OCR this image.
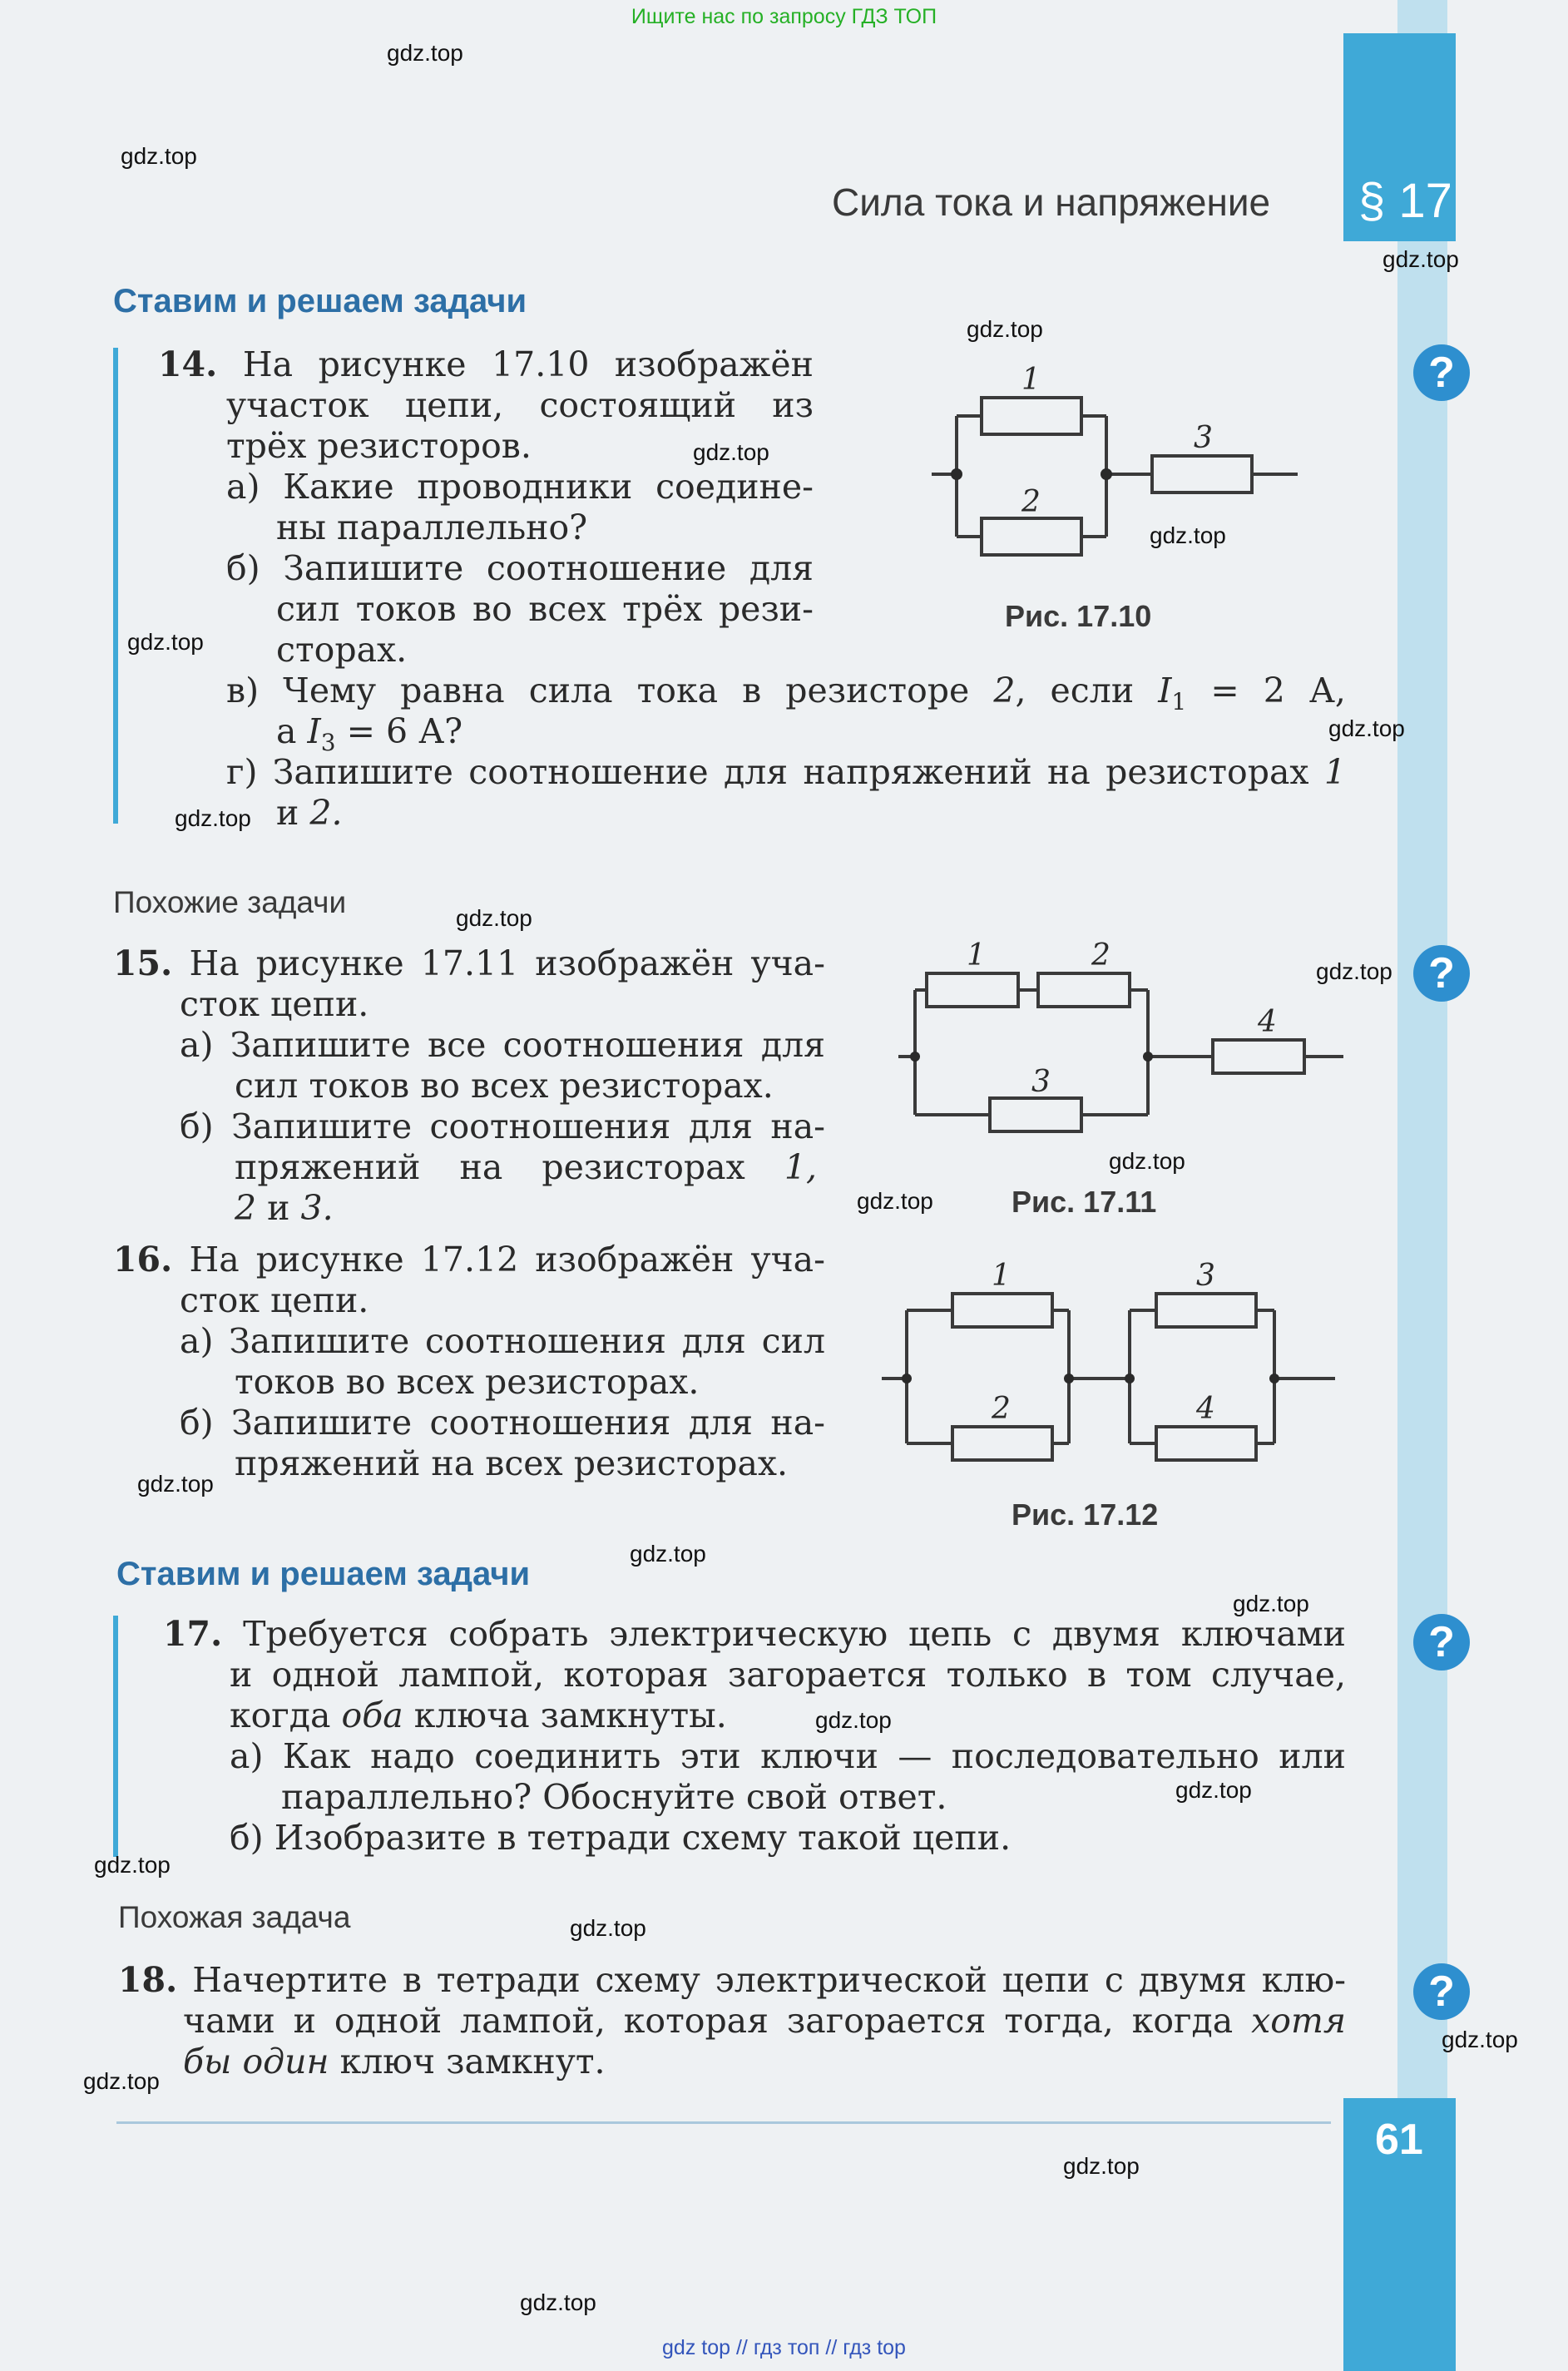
Ищите нас по запросу ГДЗ ТОП
gdz top // гдз топ // гдз top
§ 17
61
Сила тока и напряжение
?
?
?
?
Ставим и решаем задачи
14. На рисунке 17.10 изображён
участок цепи, состоящий из
трёх резисторов.
а) Какие проводники соедине-
ны параллельно?
б) Запишите соотношение для
сил токов во всех трёх рези-
сторах.
в) Чему равна сила тока в резисторе 2, если $I_1 = 2$ А,
а $I_3 = 6$ А?
г) Запишите соотношение для напряжений на резисторах 1
и 2.
1
2
3
Рис. 17.10
Похожие задачи
15. На рисунке 17.11 изображён уча-
сток цепи.
а) Запишите все соотношения для
сил токов во всех резисторах.
б) Запишите соотношения для на-
пряжений на резисторах 1,
2 и 3.
1	2
3
4
Рис. 17.11
16. На рисунке 17.12 изображён уча-
сток цепи.
а) Запишите соотношения для сил
токов во всех резисторах.
б) Запишите соотношения для на-
пряжений на всех резисторах.
1
2
3
4
Рис. 17.12
Ставим и решаем задачи
17. Требуется собрать электрическую цепь с двумя ключами
и одной лампой, которая загорается только в том случае,
когда оба ключа замкнуты.
а) Как надо соединить эти ключи — последовательно или
параллельно? Обоснуйте свой ответ.
б) Изобразите в тетради схему такой цепи.
Похожая задача
18. Начертите в тетради схему электрической цепи с двумя клю-
чами и одной лампой, которая загорается тогда, когда хотя
бы один ключ замкнут.
gdz.top
gdz.top
gdz.top
gdz.top
gdz.top
gdz.top
gdz.top
gdz.top
gdz.top
gdz.top
gdz.top
gdz.top
gdz.top
gdz.top
gdz.top
gdz.top
gdz.top
gdz.top
gdz.top
gdz.top
gdz.top
gdz.top
gdz.top
gdz.top
